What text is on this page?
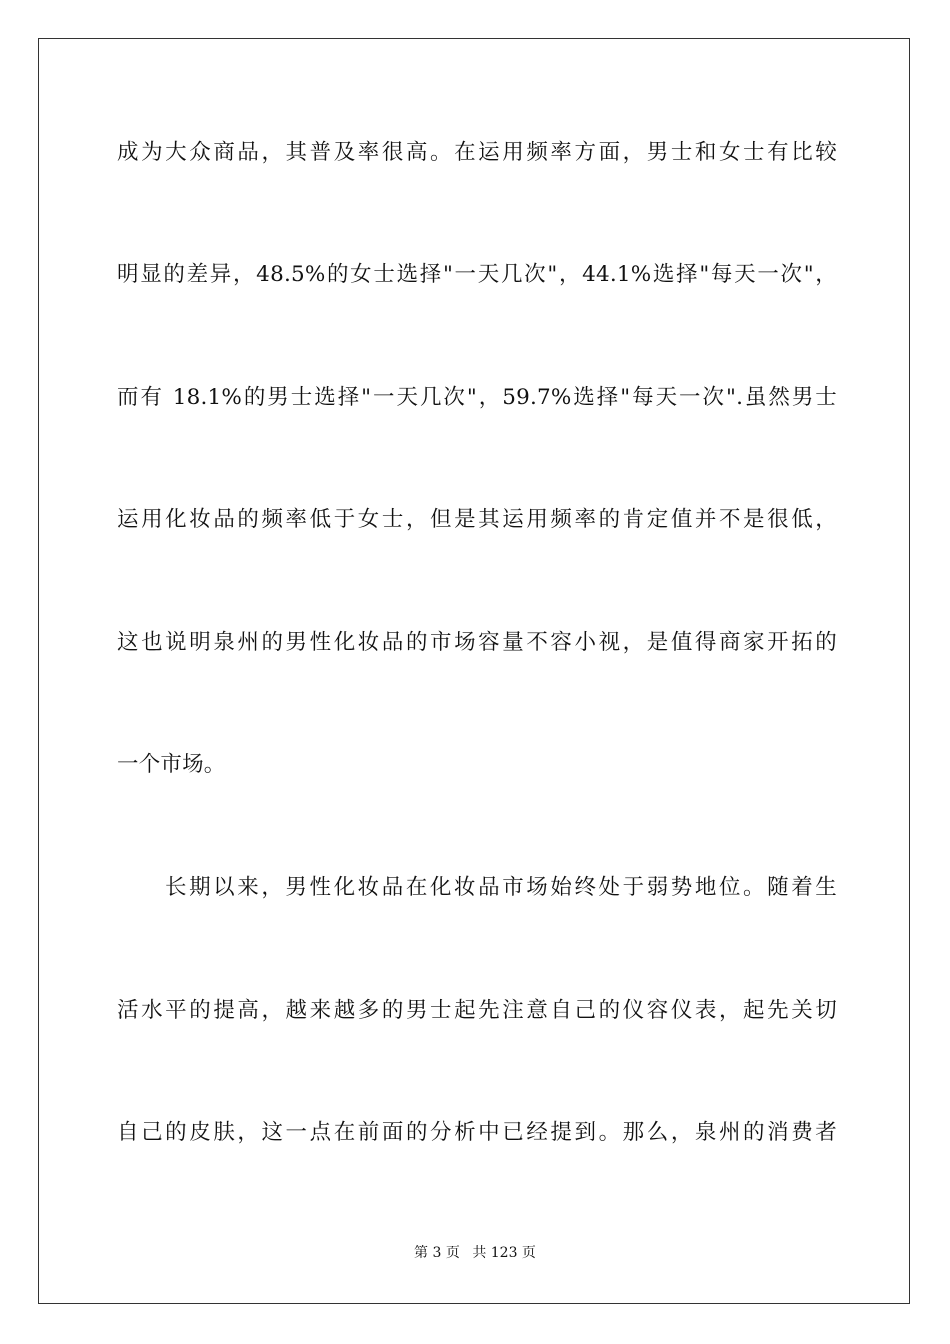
成为大众商品，其普及率很高。在运用频率方面，男士和女士有比较
明显的差异，48.5%的女士选择"一天几次"，44.1%选择"每天一次"，
而有 18.1%的男士选择"一天几次"，59.7%选择"每天一次".虽然男士
运用化妆品的频率低于女士，但是其运用频率的肯定值并不是很低，
这也说明泉州的男性化妆品的市场容量不容小视，是值得商家开拓的
一个市场。
长期以来，男性化妆品在化妆品市场始终处于弱势地位。随着生
活水平的提高，越来越多的男士起先注意自己的仪容仪表，起先关切
自己的皮肤，这一点在前面的分析中已经提到。那么，泉州的消费者
第 3 页 共 123 页
